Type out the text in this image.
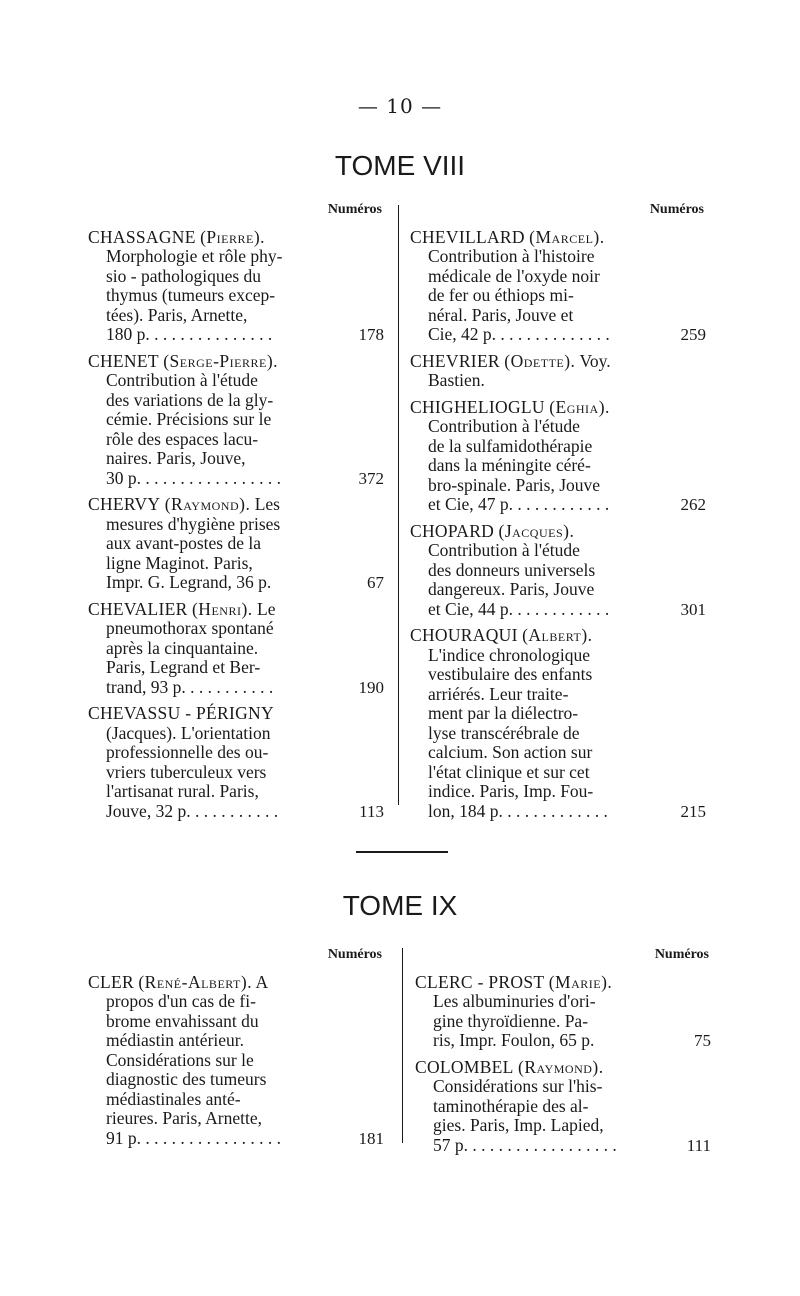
— 10 —
TOME VIII
Numéros
CHASSAGNE (Pierre).
Morphologie et rôle phy-
sio - pathologiques du
thymus (tumeurs excep-
tées). Paris, Arnette,
180 p. . . . . . . . . . . . . . .	178
CHENET (Serge-Pierre).
Contribution à l'étude
des variations de la gly-
cémie. Précisions sur le
rôle des espaces lacu-
naires. Paris, Jouve,
30 p. . . . . . . . . . . . . . . . .	372
CHERVY (Raymond). Les
mesures d'hygiène prises
aux avant-postes de la
ligne Maginot. Paris,
Impr. G. Legrand, 36 p.	67
CHEVALIER (Henri). Le
pneumothorax spontané
après la cinquantaine.
Paris, Legrand et Ber-
trand, 93 p. . . . . . . . . . .	190
CHEVASSU - PÉRIGNY
(Jacques). L'orientation
professionnelle des ou-
vriers tuberculeux vers
l'artisanat rural. Paris,
Jouve, 32 p. . . . . . . . . . .	113
Numéros
CHEVILLARD (Marcel).
Contribution à l'histoire
médicale de l'oxyde noir
de fer ou éthiops mi-
néral. Paris, Jouve et
Cie, 42 p. . . . . . . . . . . . . .	259
CHEVRIER (Odette). Voy.
Bastien.
CHIGHELIOGLU (Eghia).
Contribution à l'étude
de la sulfamidothérapie
dans la méningite céré-
bro-spinale. Paris, Jouve
et Cie, 47 p. . . . . . . . . . . .	262
CHOPARD (Jacques).
Contribution à l'étude
des donneurs universels
dangereux. Paris, Jouve
et Cie, 44 p. . . . . . . . . . . .	301
CHOURAQUI (Albert).
L'indice chronologique
vestibulaire des enfants
arriérés. Leur traite-
ment par la diélectro-
lyse transcérébrale de
calcium. Son action sur
l'état clinique et sur cet
indice. Paris, Imp. Fou-
lon, 184 p. . . . . . . . . . . . .	215
TOME IX
Numéros
CLER (René-Albert). A
propos d'un cas de fi-
brome envahissant du
médiastin antérieur.
Considérations sur le
diagnostic des tumeurs
médiastinales anté-
rieures. Paris, Arnette,
91 p. . . . . . . . . . . . . . . . .	181
Numéros
CLERC - PROST (Marie).
Les albuminuries d'ori-
gine thyroïdienne. Pa-
ris, Impr. Foulon, 65 p.	75
COLOMBEL (Raymond).
Considérations sur l'his-
taminothérapie des al-
gies. Paris, Imp. Lapied,
57 p. . . . . . . . . . . . . . . . . .	111
